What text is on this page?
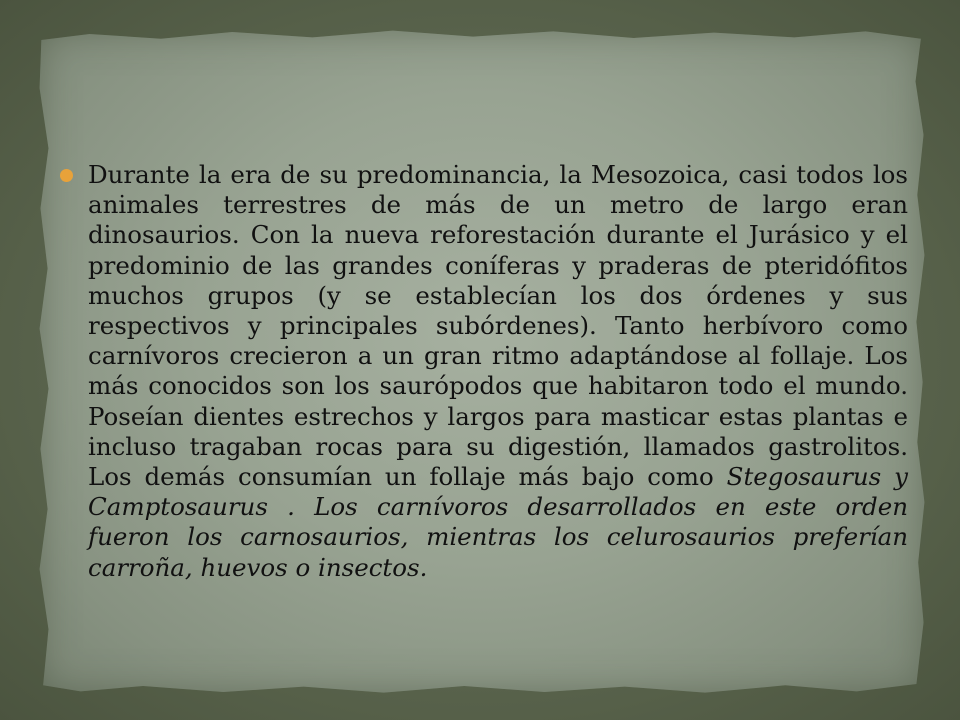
Durante la era de su predominancia, la Mesozoica, casi todos los animales terrestres de más de un metro de largo eran dinosaurios. Con la nueva reforestación durante el Jurásico y el predominio de las grandes coníferas y praderas de pteridófitos muchos grupos (y se establecían los dos órdenes y sus respectivos y principales subórdenes). Tanto herbívoro como carnívoros crecieron a un gran ritmo adaptándose al follaje. Los más conocidos son los saurópodos que habitaron todo el mundo. Poseían dientes estrechos y largos para masticar estas plantas e incluso tragaban rocas para su digestión, llamados gastrolitos. Los demás consumían un follaje más bajo como Stegosaurus y Camptosaurus . Los carnívoros desarrollados en este orden fueron los carnosaurios, mientras los celurosaurios preferían carroña, huevos o insectos.
